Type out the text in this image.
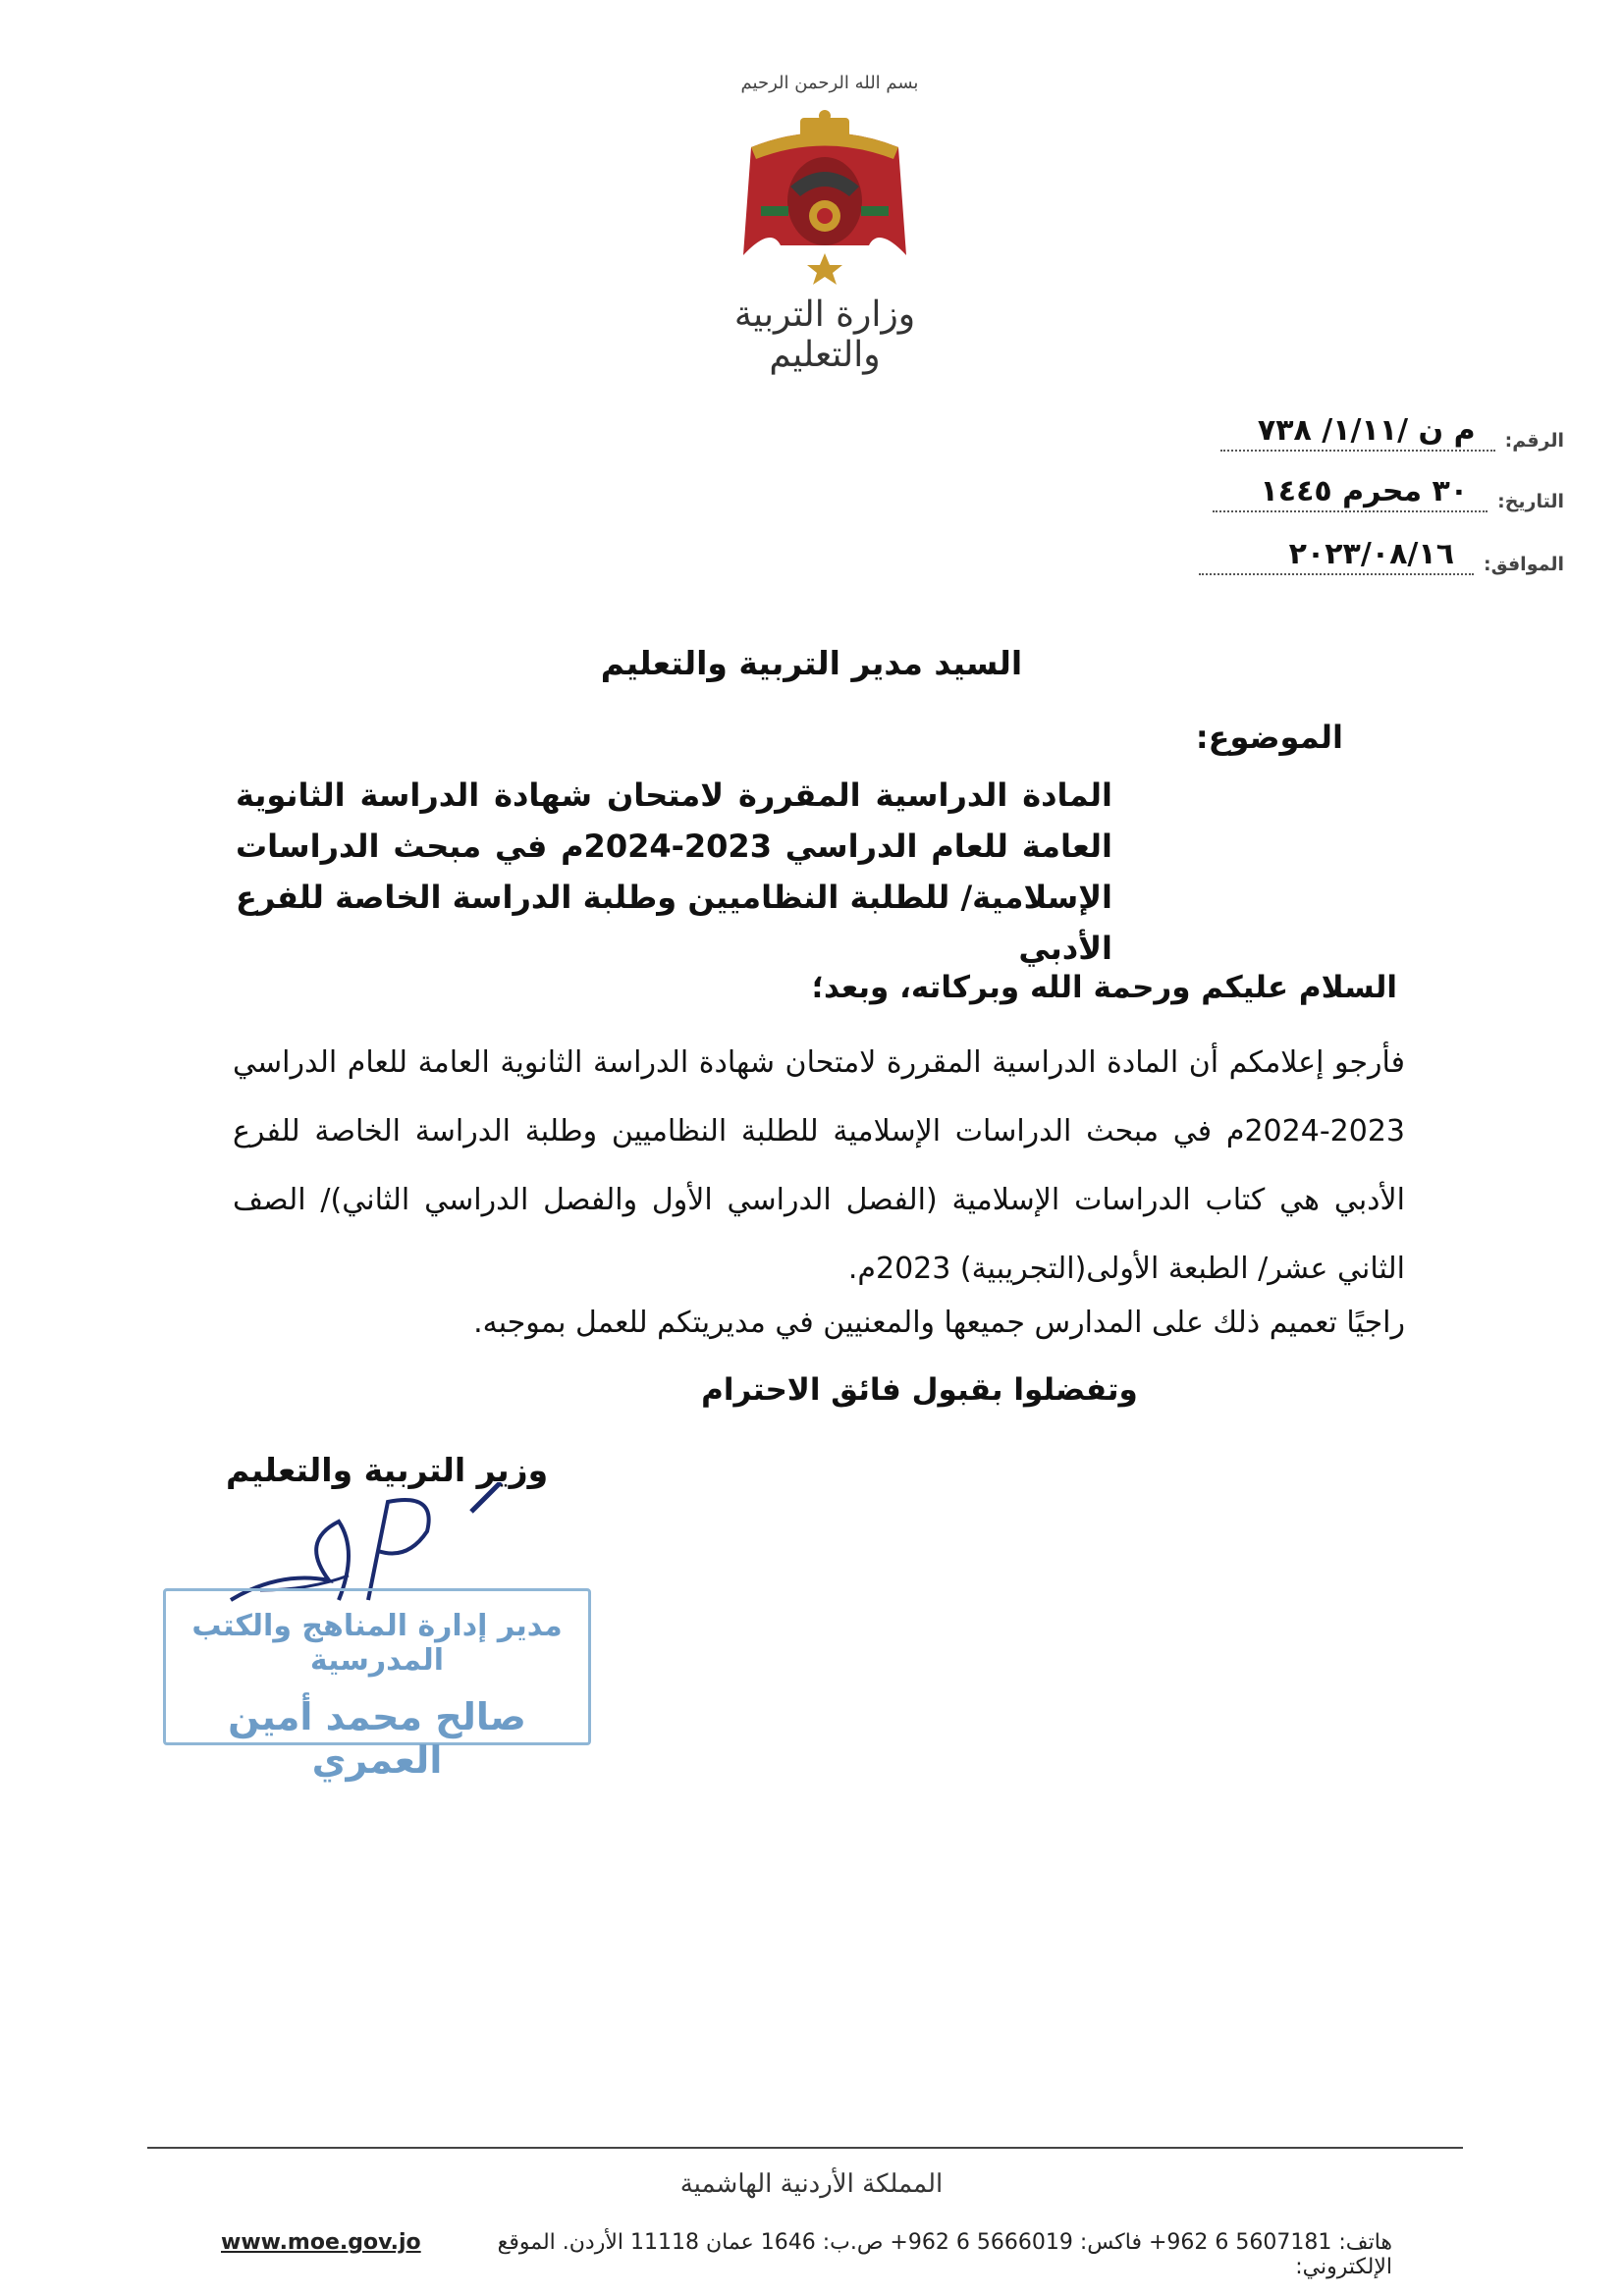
بسم الله الرحمن الرحيم
وزارة التربية والتعليم
الرقم:
م ن /١/١١/ ٧٣٨
التاريخ:
٣٠ محرم ١٤٤٥
الموافق:
٢٠٢٣/٠٨/١٦
السيد مدير التربية والتعليم
الموضوع:
المادة الدراسية المقررة لامتحان شهادة الدراسة الثانوية العامة للعام الدراسي 2023-2024م في مبحث الدراسات الإسلامية/ للطلبة النظاميين وطلبة الدراسة الخاصة للفرع الأدبي
السلام عليكم ورحمة الله وبركاته، وبعد؛
فأرجو إعلامكم أن المادة الدراسية المقررة لامتحان شهادة الدراسة الثانوية العامة للعام الدراسي 2023-2024م في مبحث الدراسات الإسلامية للطلبة النظاميين وطلبة الدراسة الخاصة للفرع الأدبي هي كتاب الدراسات الإسلامية (الفصل الدراسي الأول والفصل الدراسي الثاني)/ الصف الثاني عشر/ الطبعة الأولى(التجريبية) 2023م.
راجيًا تعميم ذلك على المدارس جميعها والمعنيين في مديريتكم للعمل بموجبه.
وتفضلوا بقبول فائق الاحترام
وزير التربية والتعليم
مدير إدارة المناهج والكتب المدرسية
صالح محمد أمين العمري
المملكة الأردنية الهاشمية
هاتف: 5607181 6 962+ فاكس: 5666019 6 962+ ص.ب: 1646 عمان 11118 الأردن. الموقع الإلكتروني:
www.moe.gov.jo
